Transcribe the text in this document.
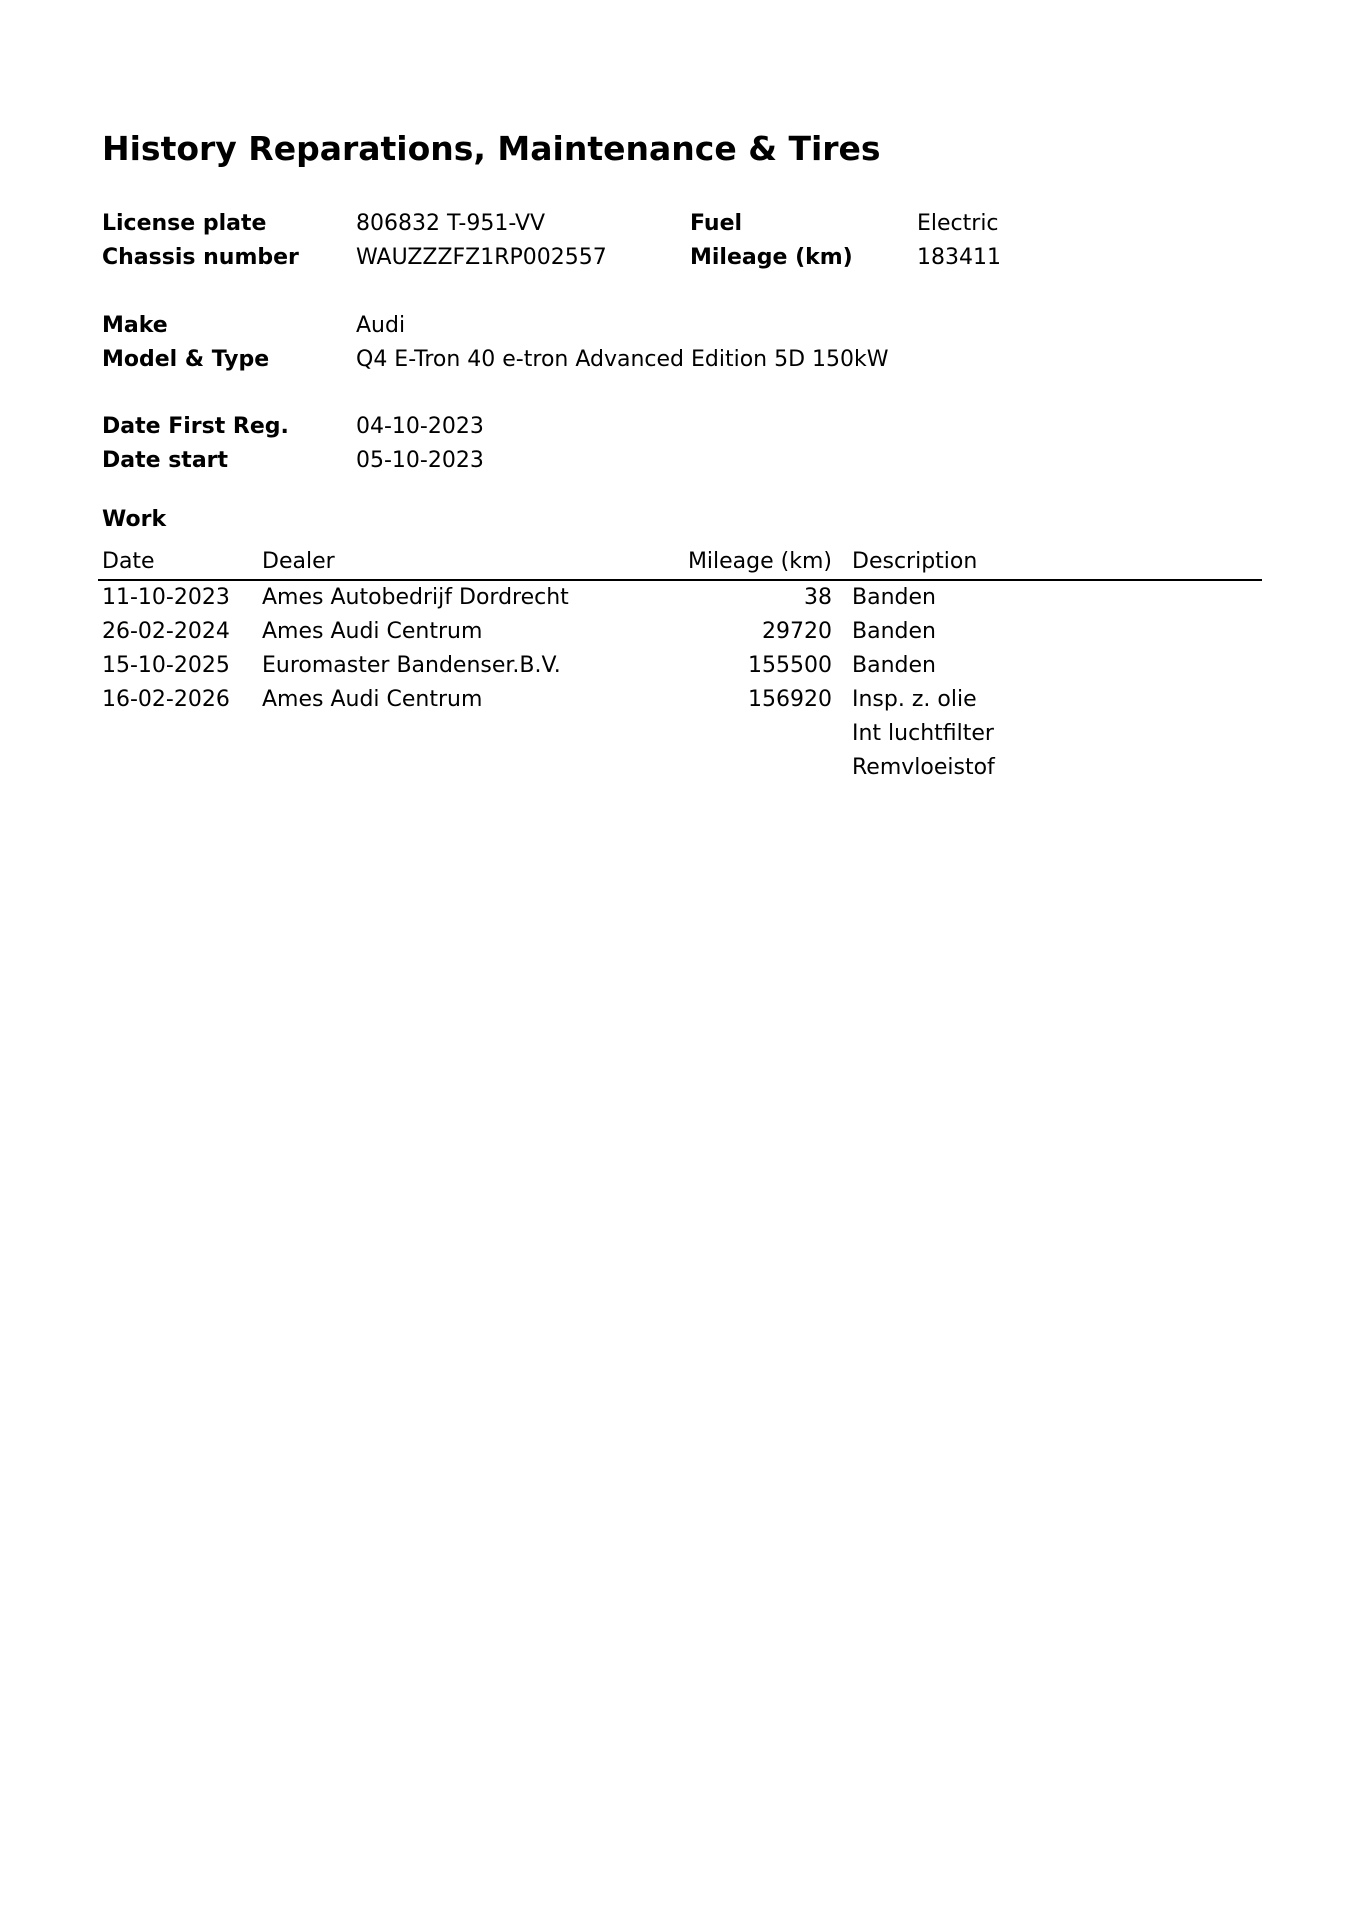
History Reparations, Maintenance & Tires
License plate	806832 T-951-VV	Fuel	Electric
Chassis number	WAUZZZFZ1RP002557	Mileage (km)	183411
Make	Audi
Model & Type	Q4 E-Tron 40 e-tron Advanced Edition 5D 150kW
Date First Reg.	04-10-2023
Date start	05-10-2023
Work
Date	Dealer	Mileage (km) Description
11-10-2023 Ames Autobedrijf Dordrecht	38 Banden
26-02-2024 Ames Audi Centrum	29720 Banden
15-10-2025 Euromaster Bandenser.B.V.	155500 Banden
16-02-2026 Ames Audi Centrum	156920 Insp. z. olie
Int luchtfilter
Remvloeistof
